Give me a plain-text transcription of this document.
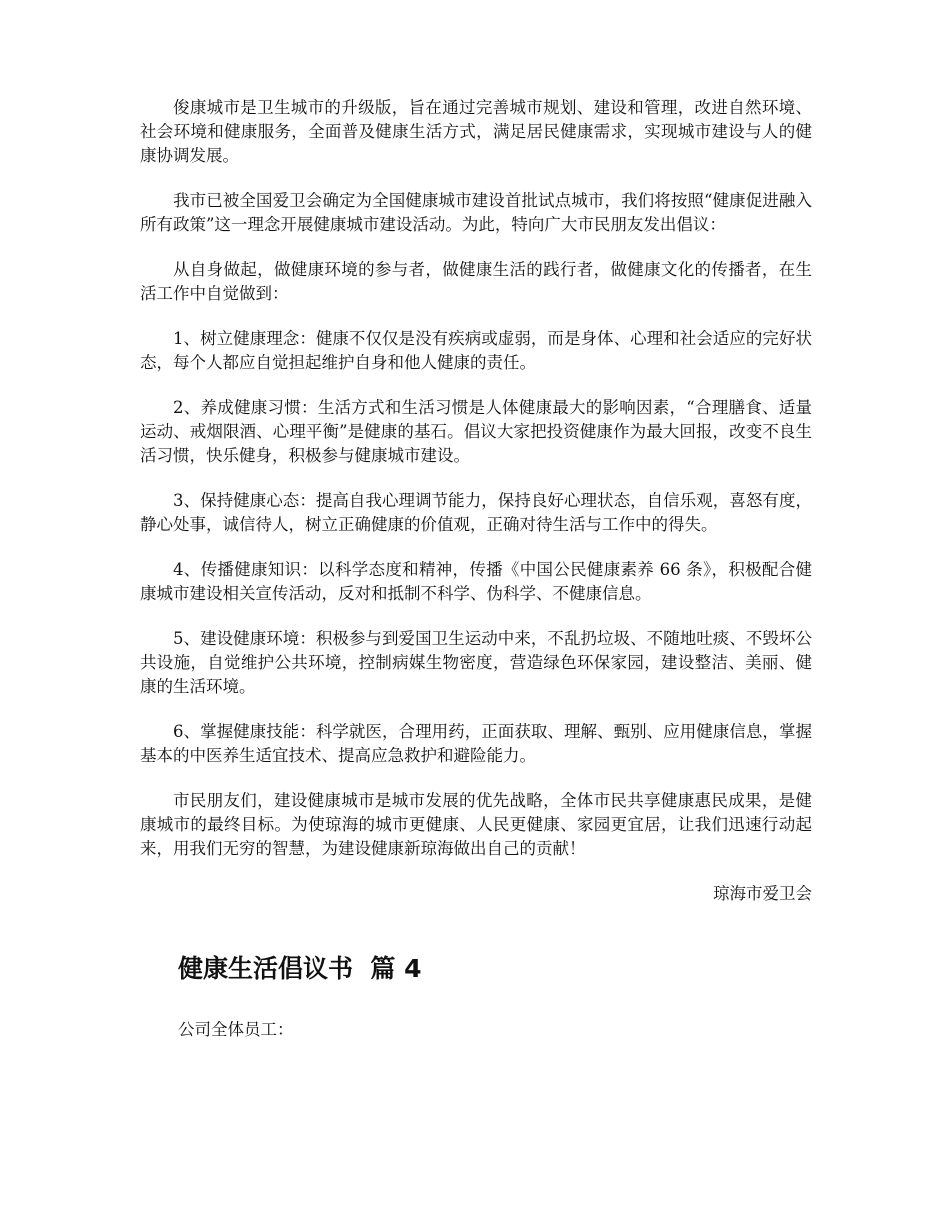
俊康城市是卫生城市的升级版，旨在通过完善城市规划、建设和管理，改进自然环境、社会环境和健康服务，全面普及健康生活方式，满足居民健康需求，实现城市建设与人的健康协调发展。

我市已被全国爱卫会确定为全国健康城市建设首批试点城市，我们将按照“健康促进融入所有政策”这一理念开展健康城市建设活动。为此，特向广大市民朋友发出倡议：

从自身做起，做健康环境的参与者，做健康生活的践行者，做健康文化的传播者，在生活工作中自觉做到：

1、树立健康理念：健康不仅仅是没有疾病或虚弱，而是身体、心理和社会适应的完好状态，每个人都应自觉担起维护自身和他人健康的责任。

2、养成健康习惯：生活方式和生活习惯是人体健康最大的影响因素，“合理膳食、适量运动、戒烟限酒、心理平衡”是健康的基石。倡议大家把投资健康作为最大回报，改变不良生活习惯，快乐健身，积极参与健康城市建设。

3、保持健康心态：提高自我心理调节能力，保持良好心理状态，自信乐观，喜怒有度，静心处事，诚信待人，树立正确健康的价值观，正确对待生活与工作中的得失。

4、传播健康知识：以科学态度和精神，传播《中国公民健康素养 66 条》，积极配合健康城市建设相关宣传活动，反对和抵制不科学、伪科学、不健康信息。

5、建设健康环境：积极参与到爱国卫生运动中来，不乱扔垃圾、不随地吐痰、不毁坏公共设施，自觉维护公共环境，控制病媒生物密度，营造绿色环保家园，建设整洁、美丽、健康的生活环境。

6、掌握健康技能：科学就医，合理用药，正面获取、理解、甄别、应用健康信息，掌握基本的中医养生适宜技术、提高应急救护和避险能力。

市民朋友们，建设健康城市是城市发展的优先战略，全体市民共享健康惠民成果，是健康城市的最终目标。为使琼海的城市更健康、人民更健康、家园更宜居，让我们迅速行动起来，用我们无穷的智慧，为建设健康新琼海做出自己的贡献！

琼海市爱卫会

健康生活倡议书  篇 4

公司全体员工：
